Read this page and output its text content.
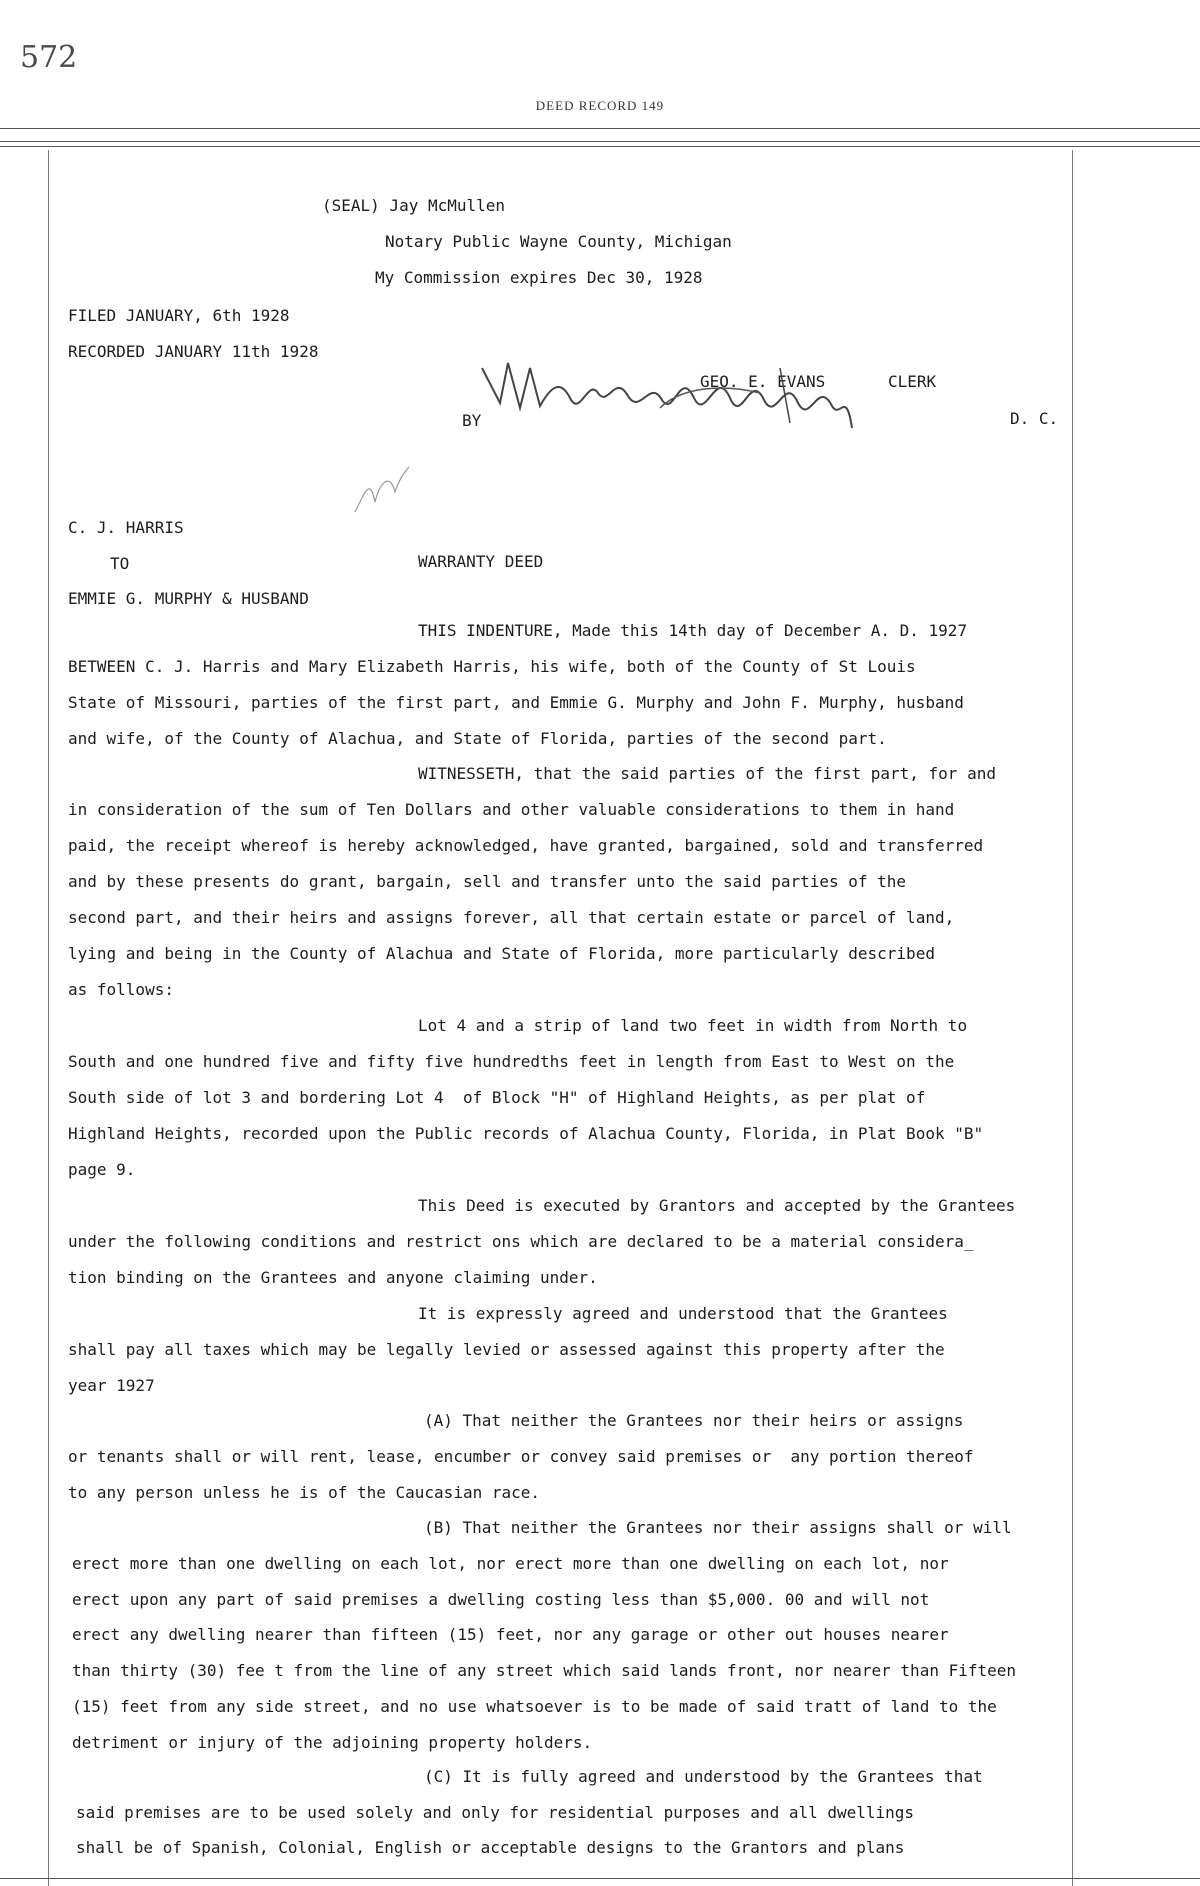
572
DEED RECORD 149
(SEAL) Jay McMullen
Notary Public Wayne County, Michigan
My Commission expires Dec 30, 1928
FILED JANUARY, 6th 1928
RECORDED JANUARY 11th 1928
GEO. E. EVANS	CLERK
BY	D. C.
C. J. HARRIS
TO	WARRANTY DEED
EMMIE G. MURPHY & HUSBAND
THIS INDENTURE, Made this 14th day of December A. D. 1927
BETWEEN C. J. Harris and Mary Elizabeth Harris, his wife, both of the County of St Louis
State of Missouri, parties of the first part, and Emmie G. Murphy and John F. Murphy, husband
and wife, of the County of Alachua, and State of Florida, parties of the second part.
WITNESSETH, that the said parties of the first part, for and
in consideration of the sum of Ten Dollars and other valuable considerations to them in hand
paid, the receipt whereof is hereby acknowledged, have granted, bargained, sold and transferred
and by these presents do grant, bargain, sell and transfer unto the said parties of the
second part, and their heirs and assigns forever, all that certain estate or parcel of land,
lying and being in the County of Alachua and State of Florida, more particularly described
as follows:
Lot 4 and a strip of land two feet in width from North to
South and one hundred five and fifty five hundredths feet in length from East to West on the
South side of lot 3 and bordering Lot 4  of Block "H" of Highland Heights, as per plat of
Highland Heights, recorded upon the Public records of Alachua County, Florida, in Plat Book "B"
page 9.
This Deed is executed by Grantors and accepted by the Grantees
under the following conditions and restrict ons which are declared to be a material considera_
tion binding on the Grantees and anyone claiming under.
It is expressly agreed and understood that the Grantees
shall pay all taxes which may be legally levied or assessed against this property after the
year 1927
(A) That neither the Grantees nor their heirs or assigns
or tenants shall or will rent, lease, encumber or convey said premises or  any portion thereof
to any person unless he is of the Caucasian race.
(B) That neither the Grantees nor their assigns shall or will
erect more than one dwelling on each lot, nor erect more than one dwelling on each lot, nor
erect upon any part of said premises a dwelling costing less than $5,000. 00 and will not
erect any dwelling nearer than fifteen (15) feet, nor any garage or other out houses nearer
than thirty (30) fee t from the line of any street which said lands front, nor nearer than Fifteen
(15) feet from any side street, and no use whatsoever is to be made of said tratt of land to the
detriment or injury of the adjoining property holders.
(C) It is fully agreed and understood by the Grantees that
said premises are to be used solely and only for residential purposes and all dwellings
shall be of Spanish, Colonial, English or acceptable designs to the Grantors and plans
